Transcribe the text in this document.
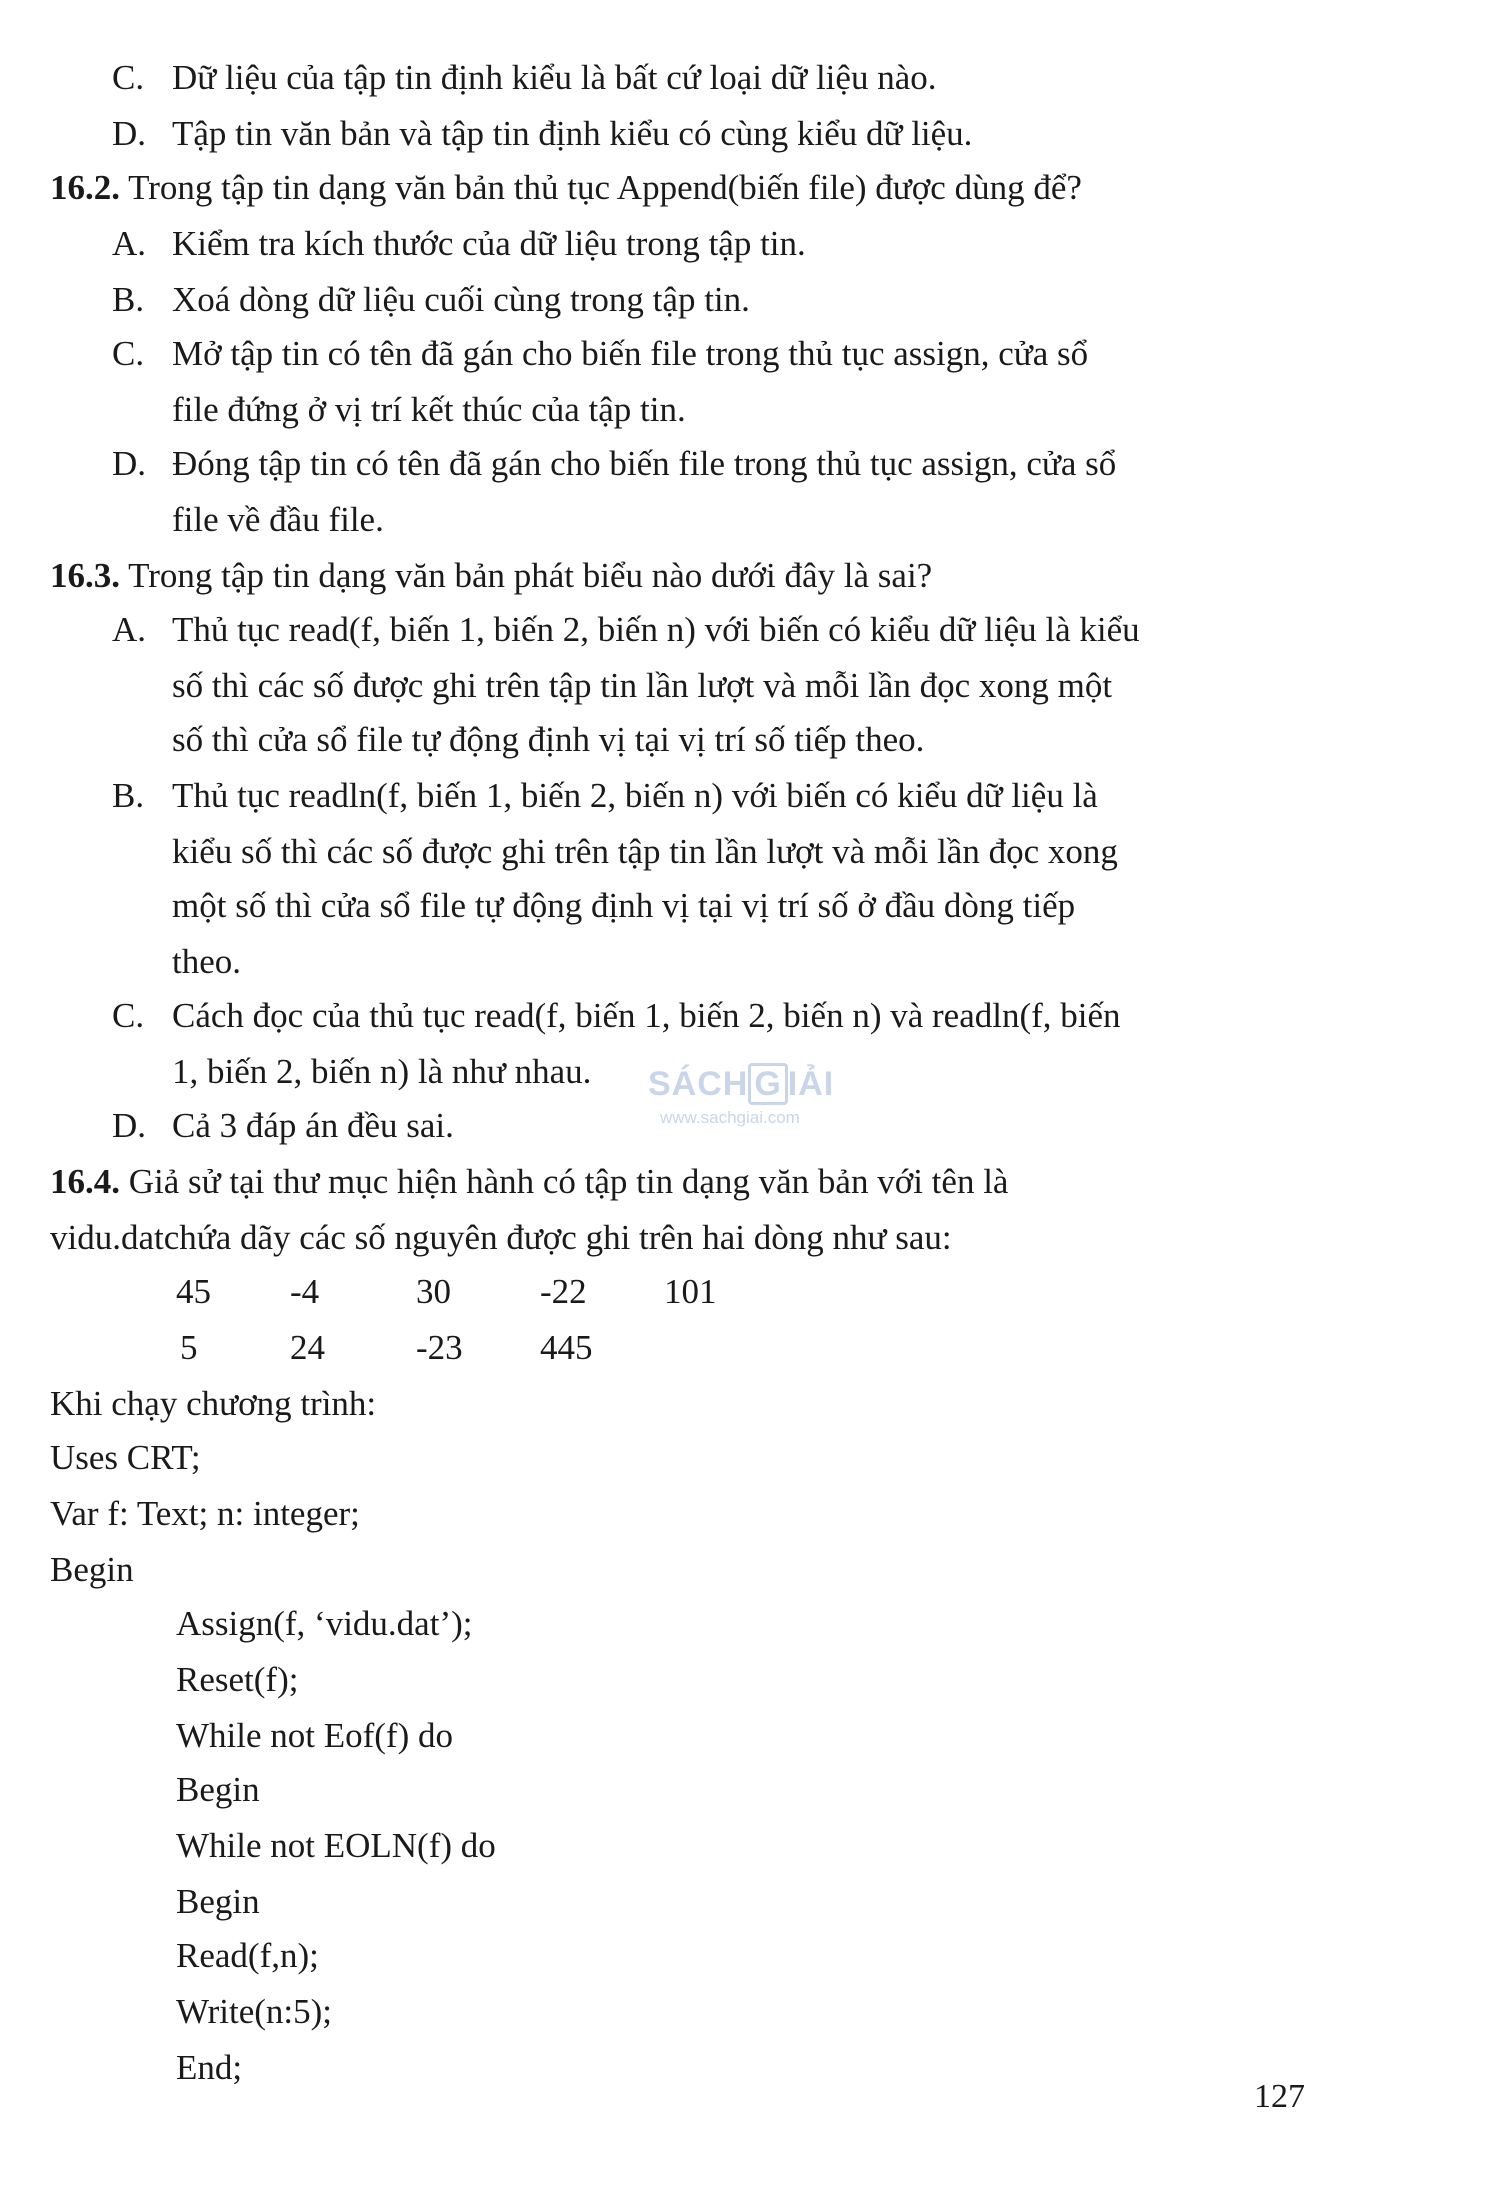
C. Dữ liệu của tập tin định kiểu là bất cứ loại dữ liệu nào.
D. Tập tin văn bản và tập tin định kiểu có cùng kiểu dữ liệu.
16.2. Trong tập tin dạng văn bản thủ tục Append(biến file) được dùng để?
A. Kiểm tra kích thước của dữ liệu trong tập tin.
B. Xoá dòng dữ liệu cuối cùng trong tập tin.
C. Mở tập tin có tên đã gán cho biến file trong thủ tục assign, cửa sổ
file đứng ở vị trí kết thúc của tập tin.
D. Đóng tập tin có tên đã gán cho biến file trong thủ tục assign, cửa sổ
file về đầu file.
16.3. Trong tập tin dạng văn bản phát biểu nào dưới đây là sai?
A. Thủ tục read(f, biến 1, biến 2, biến n) với biến có kiểu dữ liệu là kiểu
số thì các số được ghi trên tập tin lần lượt và mỗi lần đọc xong một
số thì cửa sổ file tự động định vị tại vị trí số tiếp theo.
B. Thủ tục readln(f, biến 1, biến 2, biến n) với biến có kiểu dữ liệu là
kiểu số thì các số được ghi trên tập tin lần lượt và mỗi lần đọc xong
một số thì cửa sổ file tự động định vị tại vị trí số ở đầu dòng tiếp
theo.
C. Cách đọc của thủ tục read(f, biến 1, biến 2, biến n) và readln(f, biến
1, biến 2, biến n) là như nhau.
D. Cả 3 đáp án đều sai.
SÁCH G IẢI
www.sachgiai.com
16.4. Giả sử tại thư mục hiện hành có tập tin dạng văn bản với tên là
vidu.datchứa dãy các số nguyên được ghi trên hai dòng như sau:
45 -4	30	-22 101
5	24	-23 445
Khi chạy chương trình:
Uses CRT;
Var f: Text; n: integer;
Begin
Assign(f, ‘vidu.dat’);
Reset(f);
While not Eof(f) do
Begin
While not EOLN(f) do
Begin
Read(f,n);
Write(n:5);
End;
127
